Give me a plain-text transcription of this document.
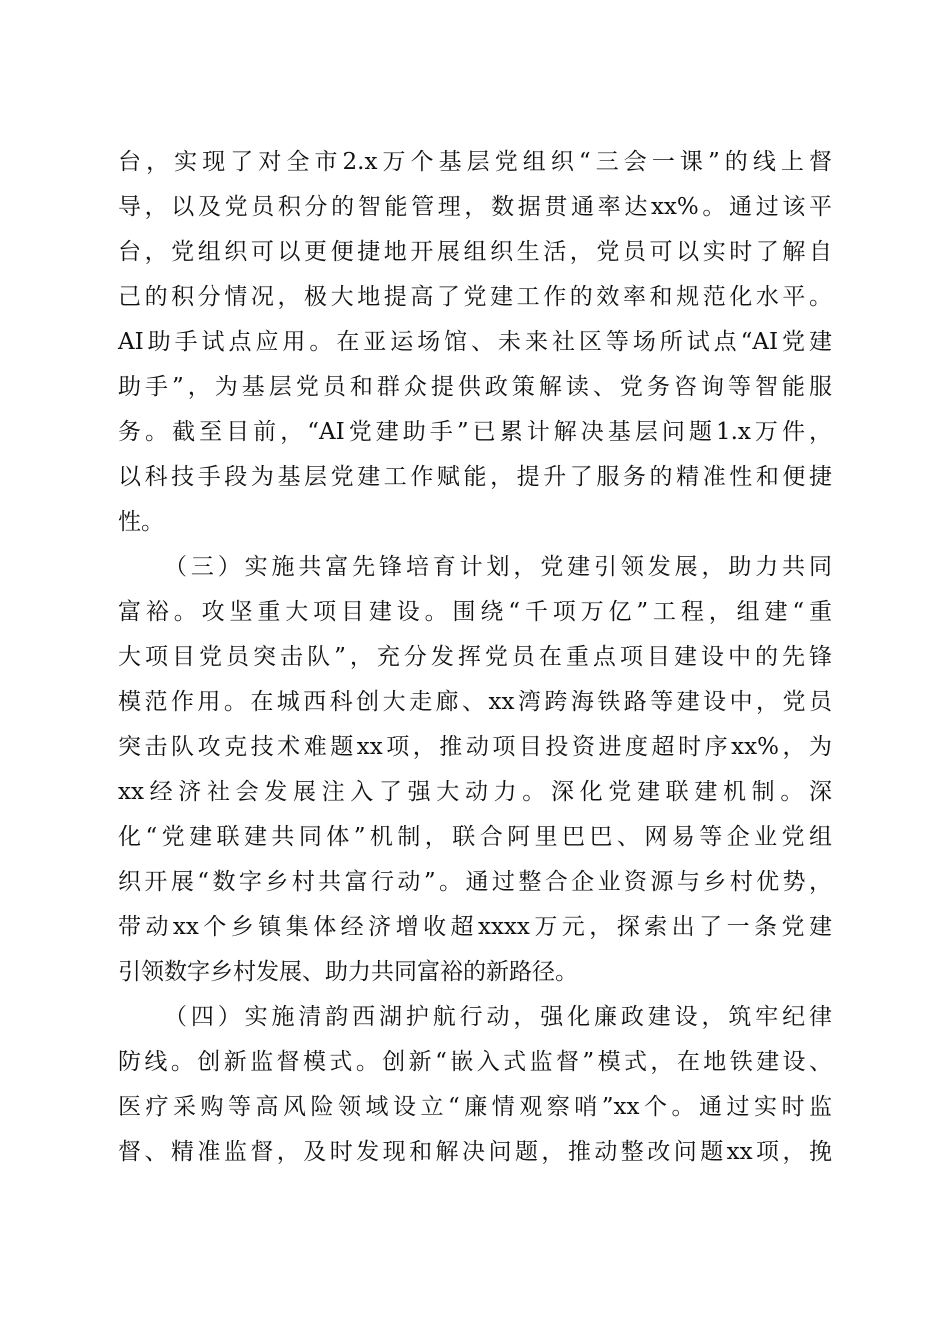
台，实现了对全市2.x万个基层党组织“三会一课”的线上督
导，以及党员积分的智能管理，数据贯通率达xx%。通过该平
台，党组织可以更便捷地开展组织生活，党员可以实时了解自
己的积分情况，极大地提高了党建工作的效率和规范化水平。
AI助手试点应用。在亚运场馆、未来社区等场所试点“AI党建
助手”，为基层党员和群众提供政策解读、党务咨询等智能服
务。截至目前，“AI党建助手”已累计解决基层问题1.x万件，
以科技手段为基层党建工作赋能，提升了服务的精准性和便捷
性。
（三）实施共富先锋培育计划，党建引领发展，助力共同
富裕。攻坚重大项目建设。围绕“千项万亿”工程，组建“重
大项目党员突击队”，充分发挥党员在重点项目建设中的先锋
模范作用。在城西科创大走廊、xx湾跨海铁路等建设中，党员
突击队攻克技术难题xx项，推动项目投资进度超时序xx%，为
xx经济社会发展注入了强大动力。深化党建联建机制。深
化“党建联建共同体”机制，联合阿里巴巴、网易等企业党组
织开展“数字乡村共富行动”。通过整合企业资源与乡村优势，
带动xx个乡镇集体经济增收超xxxx万元，探索出了一条党建
引领数字乡村发展、助力共同富裕的新路径。
（四）实施清韵西湖护航行动，强化廉政建设，筑牢纪律
防线。创新监督模式。创新“嵌入式监督”模式，在地铁建设、
医疗采购等高风险领域设立“廉情观察哨”xx个。通过实时监
督、精准监督，及时发现和解决问题，推动整改问题xx项，挽
